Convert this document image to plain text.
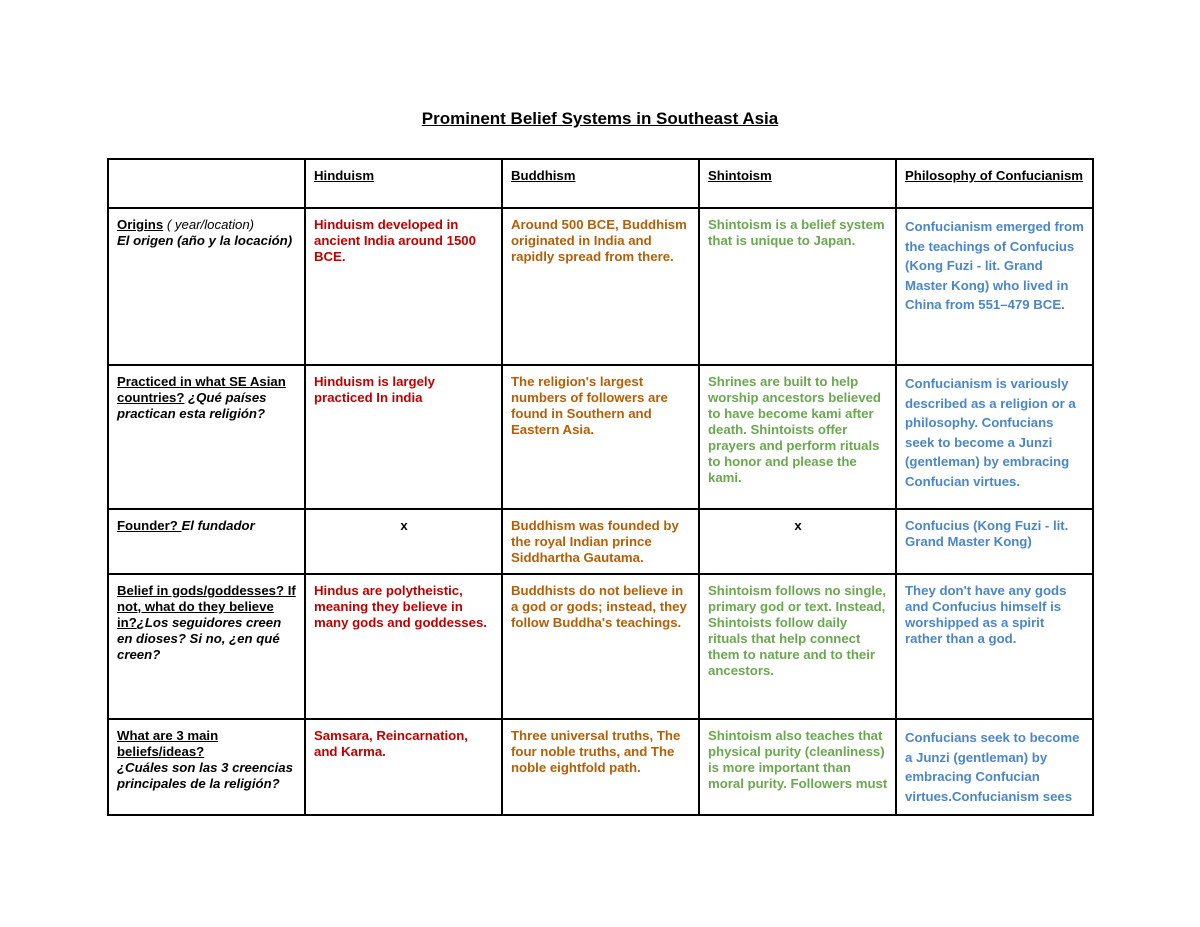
Prominent Belief Systems in Southeast Asia
	Hinduism	Buddhism	Shintoism	Philosophy of Confucianism
Origins ( year/location)
El origen (año y la locación)	Hinduism developed in ancient India around 1500 BCE.	Around 500 BCE, Buddhism originated in India and rapidly spread from there.	Shintoism is a belief system that is unique to Japan.	Confucianism emerged from the teachings of Confucius (Kong Fuzi - lit. Grand Master Kong) who lived in China from 551–479 BCE.
Practiced in what SE Asian countries? ¿Qué países practican esta religión?	Hinduism is largely practiced In india	The religion's largest numbers of followers are found in Southern and Eastern Asia.	Shrines are built to help worship ancestors believed to have become kami after death. Shintoists offer prayers and perform rituals to honor and please the kami.	Confucianism is variously described as a religion or a philosophy. Confucians seek to become a Junzi (gentleman) by embracing Confucian virtues.
Founder? El fundador	x	Buddhism was founded by the royal Indian prince Siddhartha Gautama.	x	Confucius (Kong Fuzi - lit. Grand Master Kong)
Belief in gods/goddesses? If not, what do they believe in?¿Los seguidores creen en dioses? Si no, ¿en qué creen?	Hindus are polytheistic, meaning they believe in many gods and goddesses.	Buddhists do not believe in a god or gods; instead, they follow Buddha's teachings.	Shintoism follows no single, primary god or text. Instead, Shintoists follow daily rituals that help connect them to nature and to their ancestors.	They don't have any gods and Confucius himself is worshipped as a spirit rather than a god.
What are 3 main beliefs/ideas?
¿Cuáles son las 3 creencias principales de la religión?	Samsara, Reincarnation, and Karma.	Three universal truths, The four noble truths, and The noble eightfold path.	Shintoism also teaches that physical purity (cleanliness) is more important than moral purity. Followers must	Confucians seek to become a Junzi (gentleman) by embracing Confucian virtues.Confucianism sees
